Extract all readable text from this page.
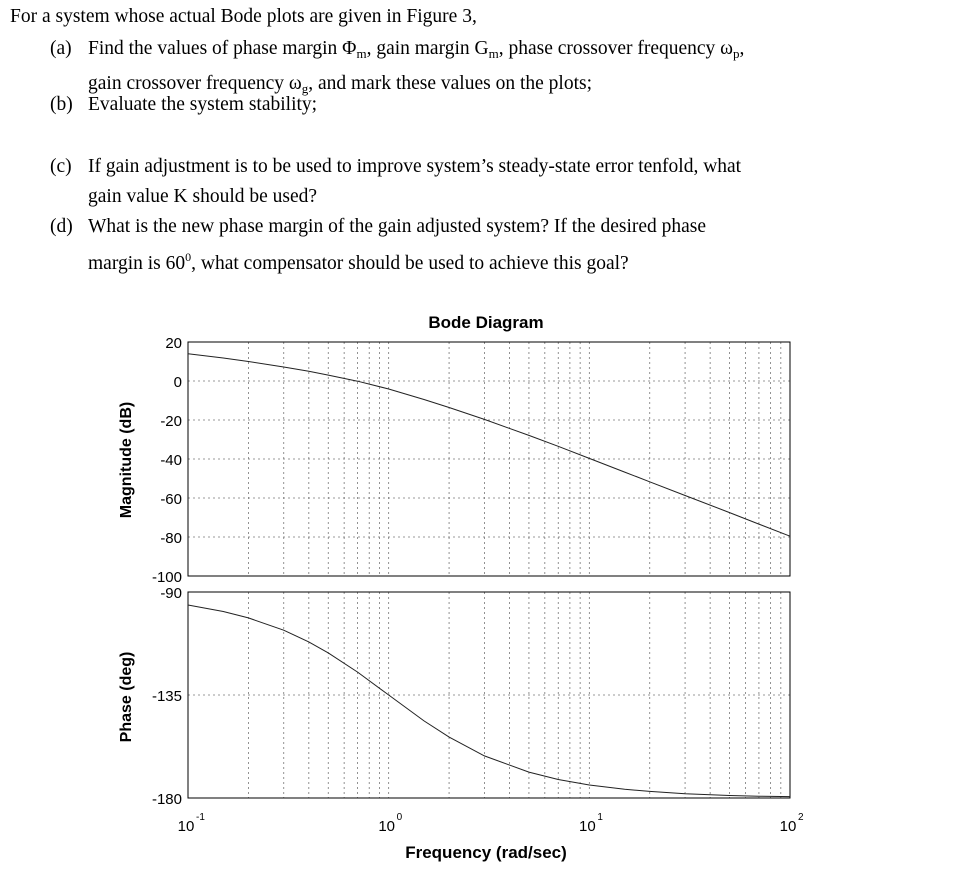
For a system whose actual Bode plots are given in Figure 3,
(a) Find the values of phase margin $\Phi_m$, gain margin $G_m$, phase crossover frequency $\omega_p$,
gain crossover frequency $\omega_g$, and mark these values on the plots;
(b) Evaluate the system stability;
(c) If gain adjustment is to be used to improve system’s steady-state error tenfold, what
gain value K should be used?
(d) What is the new phase margin of the gain adjusted system? If the desired phase
margin is $60^0$, what compensator should be used to achieve this goal?
20
0
-20
-40
-60
-80
-100
-90
-135
-180
10
-1
10
0
10
1
10
2
Bode Diagram
Frequency (rad/sec)
Magnitude (dB)
Phase (deg)
